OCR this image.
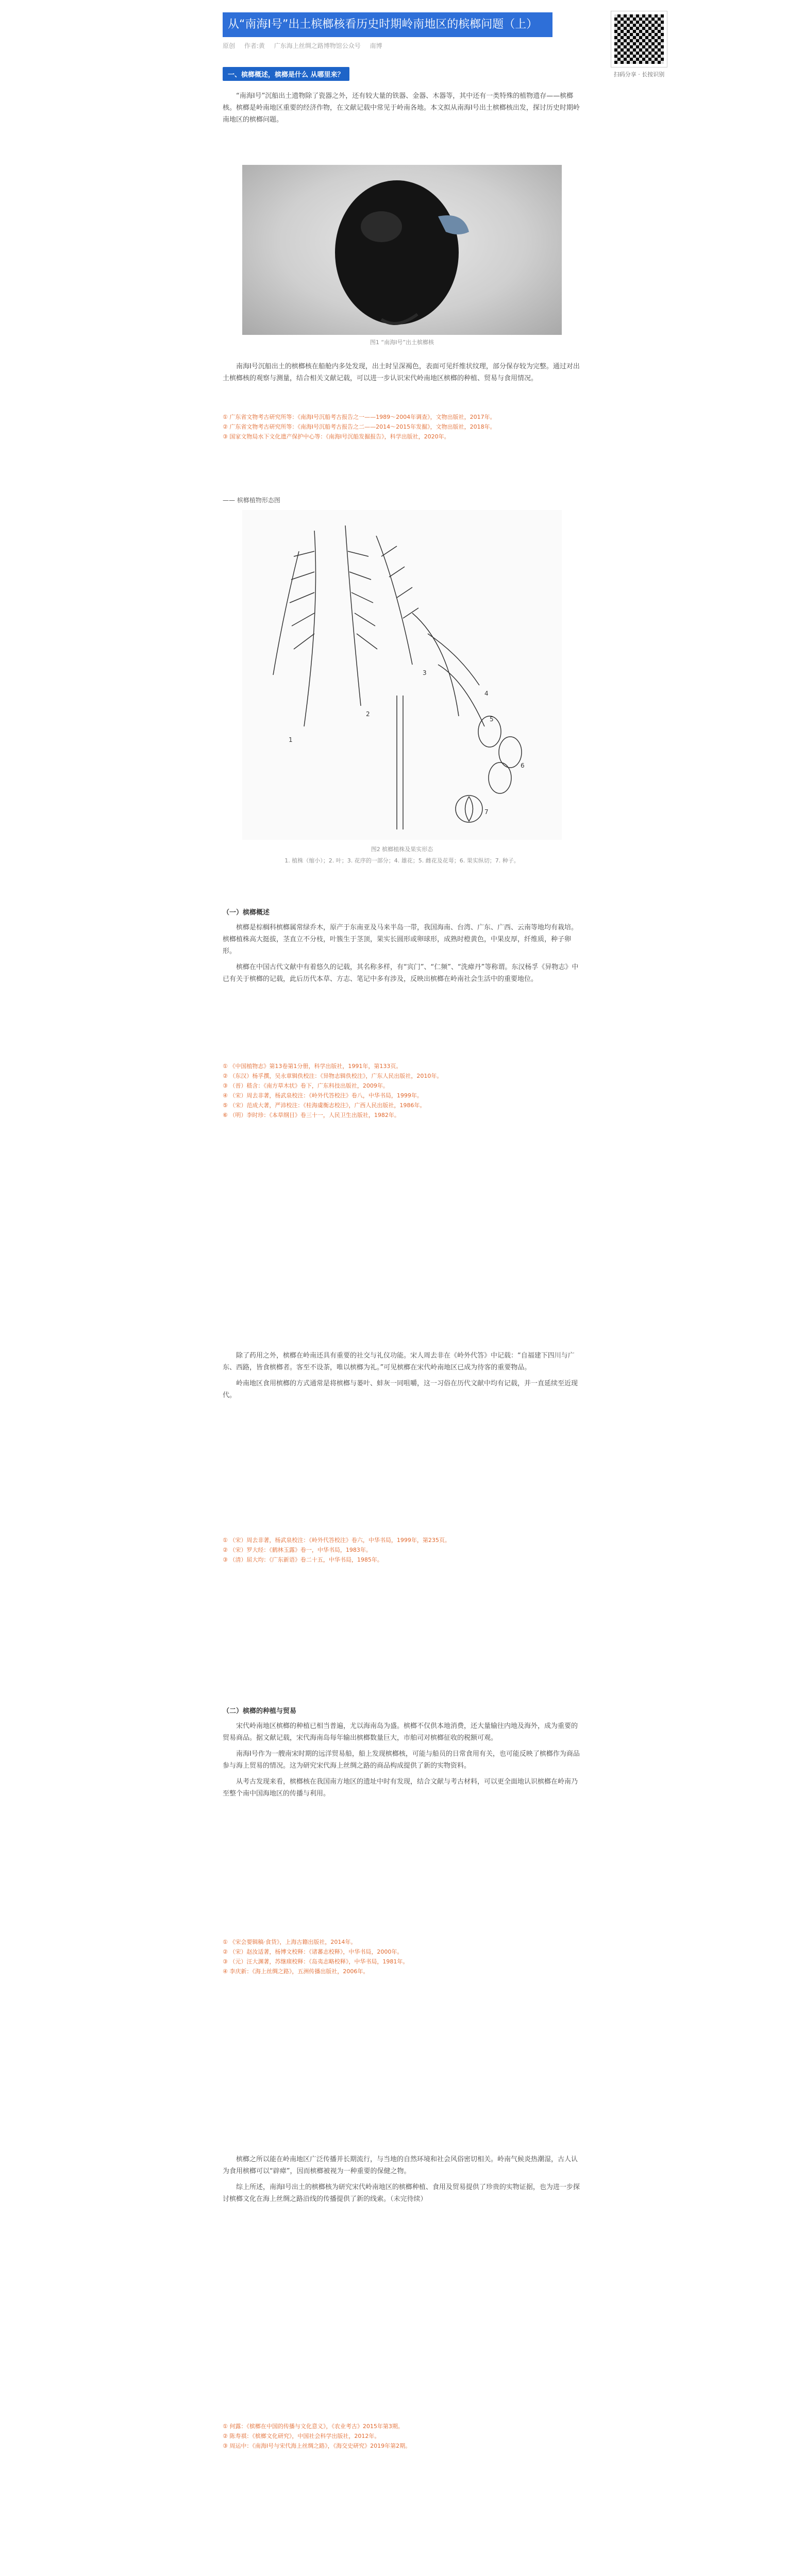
从“南海Ⅰ号”出土槟榔核看历史时期岭南地区的槟榔问题（上）
原创 作者:黄 广东海上丝绸之路博物馆公众号 南博
扫码分享 · 长按识别
一、槟榔概述，槟榔是什么 从哪里来？

“南海Ⅰ号”沉船出土遗物除了瓷器之外，还有较大量的铁器、金器、木器等，其中还有一类特殊的植物遗存——槟榔核。槟榔是岭南地区重要的经济作物，在文献记载中常见于岭南各地。本文拟从南海Ⅰ号出土槟榔核出发，探讨历史时期岭南地区的槟榔问题。

图1 “南海Ⅰ号”出土槟榔核

南海Ⅰ号沉船出土的槟榔核在船舱内多处发现，出土时呈深褐色，表面可见纤维状纹理，部分保存较为完整。通过对出土槟榔核的观察与测量，结合相关文献记载，可以进一步认识宋代岭南地区槟榔的种植、贸易与食用情况。

① 广东省文物考古研究所等：《南海Ⅰ号沉船考古报告之一——1989～2004年调查》，文物出版社，2017年。

② 广东省文物考古研究所等：《南海Ⅰ号沉船考古报告之二——2014～2015年发掘》，文物出版社，2018年。

③ 国家文物局水下文化遗产保护中心等：《南海Ⅰ号沉船发掘报告》，科学出版社，2020年。

—— 槟榔植物形态图
1
2
3
4
5
6
7
图2 槟榔植株及果实形态
1. 植株（缩小）；2. 叶；3. 花序的一部分；4. 雄花；5. 雌花及花萼；6. 果实纵切；7. 种子。
（一）槟榔概述

槟榔是棕榈科槟榔属常绿乔木，原产于东南亚及马来半岛一带，我国海南、台湾、广东、广西、云南等地均有栽培。槟榔植株高大挺拔，茎直立不分枝，叶簇生于茎顶，果实长圆形或卵球形，成熟时橙黄色，中果皮厚，纤维质，种子卵形。

槟榔在中国古代文献中有着悠久的记载，其名称多样，有“宾门”、“仁频”、“洗瘴丹”等称谓。东汉杨孚《异物志》中已有关于槟榔的记载，此后历代本草、方志、笔记中多有涉及，反映出槟榔在岭南社会生活中的重要地位。

① 《中国植物志》第13卷第1分册，科学出版社，1991年，第133页。

② （东汉）杨孚撰，吴永章辑佚校注：《异物志辑佚校注》，广东人民出版社，2010年。

③ （晋）嵇含：《南方草木状》卷下，广东科技出版社，2009年。

④ （宋）周去非著，杨武泉校注：《岭外代答校注》卷八，中华书局，1999年。

⑤ （宋）范成大著，严沛校注：《桂海虞衡志校注》，广西人民出版社，1986年。

⑥ （明）李时珍：《本草纲目》卷三十一，人民卫生出版社，1982年。

除了药用之外，槟榔在岭南还具有重要的社交与礼仪功能。宋人周去非在《岭外代答》中记载：“自福建下四川与广东、西路，皆食槟榔者。客至不设茶，唯以槟榔为礼。”可见槟榔在宋代岭南地区已成为待客的重要物品。

岭南地区食用槟榔的方式通常是将槟榔与蒌叶、蚌灰一同咀嚼，这一习俗在历代文献中均有记载，并一直延续至近现代。

① （宋）周去非著，杨武泉校注：《岭外代答校注》卷六，中华书局，1999年，第235页。

② （宋）罗大经：《鹤林玉露》卷一，中华书局，1983年。

③ （清）屈大均：《广东新语》卷二十五，中华书局，1985年。

（二）槟榔的种植与贸易

宋代岭南地区槟榔的种植已相当普遍，尤以海南岛为盛。槟榔不仅供本地消费，还大量输往内地及海外，成为重要的贸易商品。据文献记载，宋代海南岛每年输出槟榔数量巨大，市舶司对槟榔征收的税额可观。

南海Ⅰ号作为一艘南宋时期的远洋贸易船，船上发现槟榔核，可能与船员的日常食用有关，也可能反映了槟榔作为商品参与海上贸易的情况。这为研究宋代海上丝绸之路的商品构成提供了新的实物资料。

从考古发现来看，槟榔核在我国南方地区的遗址中时有发现，结合文献与考古材料，可以更全面地认识槟榔在岭南乃至整个南中国海地区的传播与利用。

① 《宋会要辑稿·食货》，上海古籍出版社，2014年。

② （宋）赵汝适著，杨博文校释：《诸蕃志校释》，中华书局，2000年。

③ （元）汪大渊著，苏继庼校释：《岛夷志略校释》，中华书局，1981年。

④ 李庆新：《海上丝绸之路》，五洲传播出版社，2006年。

槟榔之所以能在岭南地区广泛传播并长期流行，与当地的自然环境和社会风俗密切相关。岭南气候炎热潮湿，古人认为食用槟榔可以“辟瘴”，因而槟榔被视为一种重要的保健之物。

综上所述，南海Ⅰ号出土的槟榔核为研究宋代岭南地区的槟榔种植、食用及贸易提供了珍贵的实物证据，也为进一步探讨槟榔文化在海上丝绸之路沿线的传播提供了新的线索。（未完待续）

① 何露：《槟榔在中国的传播与文化意义》，《农业考古》2015年第3期。

② 陈寿祺：《槟榔文化研究》，中国社会科学出版社，2012年。

③ 周运中：《南海Ⅰ号与宋代海上丝绸之路》，《海交史研究》2019年第2期。
